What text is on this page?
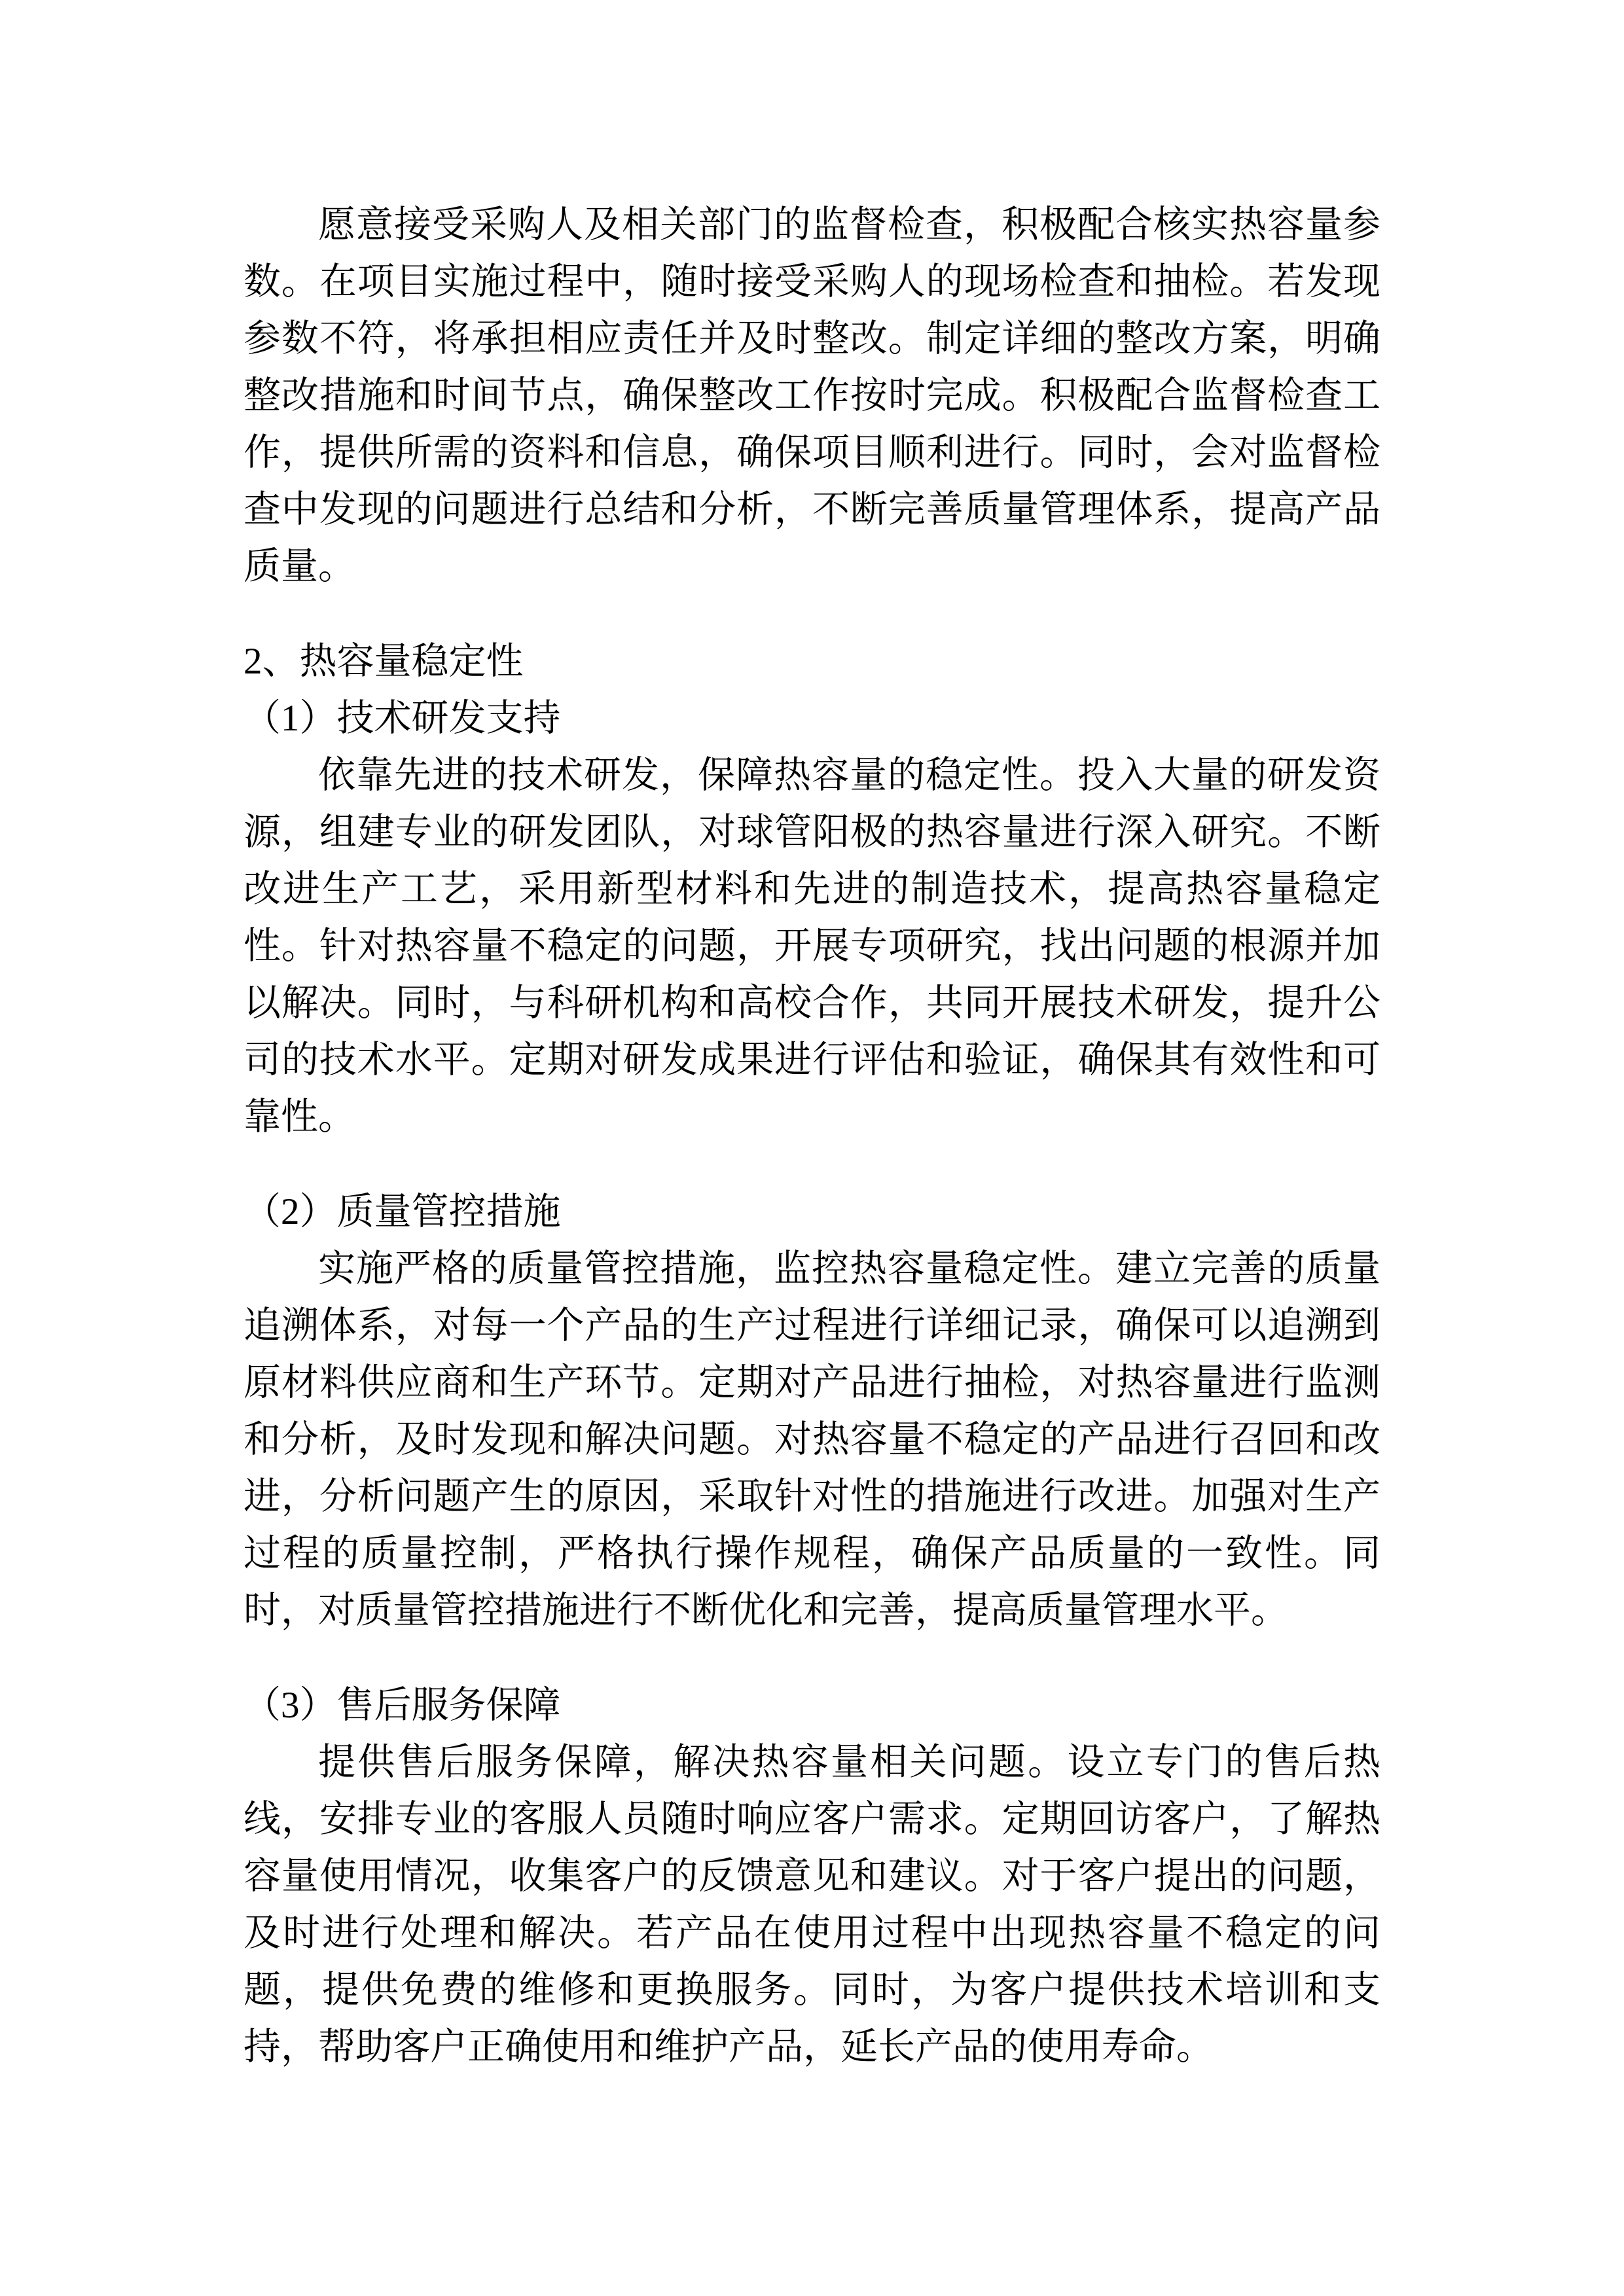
愿意接受采购人及相关部门的监督检查，积极配合核实热容量参数。在项目实施过程中，随时接受采购人的现场检查和抽检。若发现参数不符，将承担相应责任并及时整改。制定详细的整改方案，明确整改措施和时间节点，确保整改工作按时完成。积极配合监督检查工作，提供所需的资料和信息，确保项目顺利进行。同时，会对监督检查中发现的问题进行总结和分析，不断完善质量管理体系，提高产品质量。

2、热容量稳定性
（1）技术研发支持

依靠先进的技术研发，保障热容量的稳定性。投入大量的研发资源，组建专业的研发团队，对球管阳极的热容量进行深入研究。不断改进生产工艺，采用新型材料和先进的制造技术，提高热容量稳定性。针对热容量不稳定的问题，开展专项研究，找出问题的根源并加以解决。同时，与科研机构和高校合作，共同开展技术研发，提升公司的技术水平。定期对研发成果进行评估和验证，确保其有效性和可靠性。

（2）质量管控措施

实施严格的质量管控措施，监控热容量稳定性。建立完善的质量追溯体系，对每一个产品的生产过程进行详细记录，确保可以追溯到原材料供应商和生产环节。定期对产品进行抽检，对热容量进行监测和分析，及时发现和解决问题。对热容量不稳定的产品进行召回和改进，分析问题产生的原因，采取针对性的措施进行改进。加强对生产过程的质量控制，严格执行操作规程，确保产品质量的一致性。同时，对质量管控措施进行不断优化和完善，提高质量管理水平。

（3）售后服务保障

提供售后服务保障，解决热容量相关问题。设立专门的售后热线，安排专业的客服人员随时响应客户需求。定期回访客户，了解热容量使用情况，收集客户的反馈意见和建议。对于客户提出的问题，及时进行处理和解决。若产品在使用过程中出现热容量不稳定的问题，提供免费的维修和更换服务。同时，为客户提供技术培训和支持，帮助客户正确使用和维护产品，延长产品的使用寿命。
